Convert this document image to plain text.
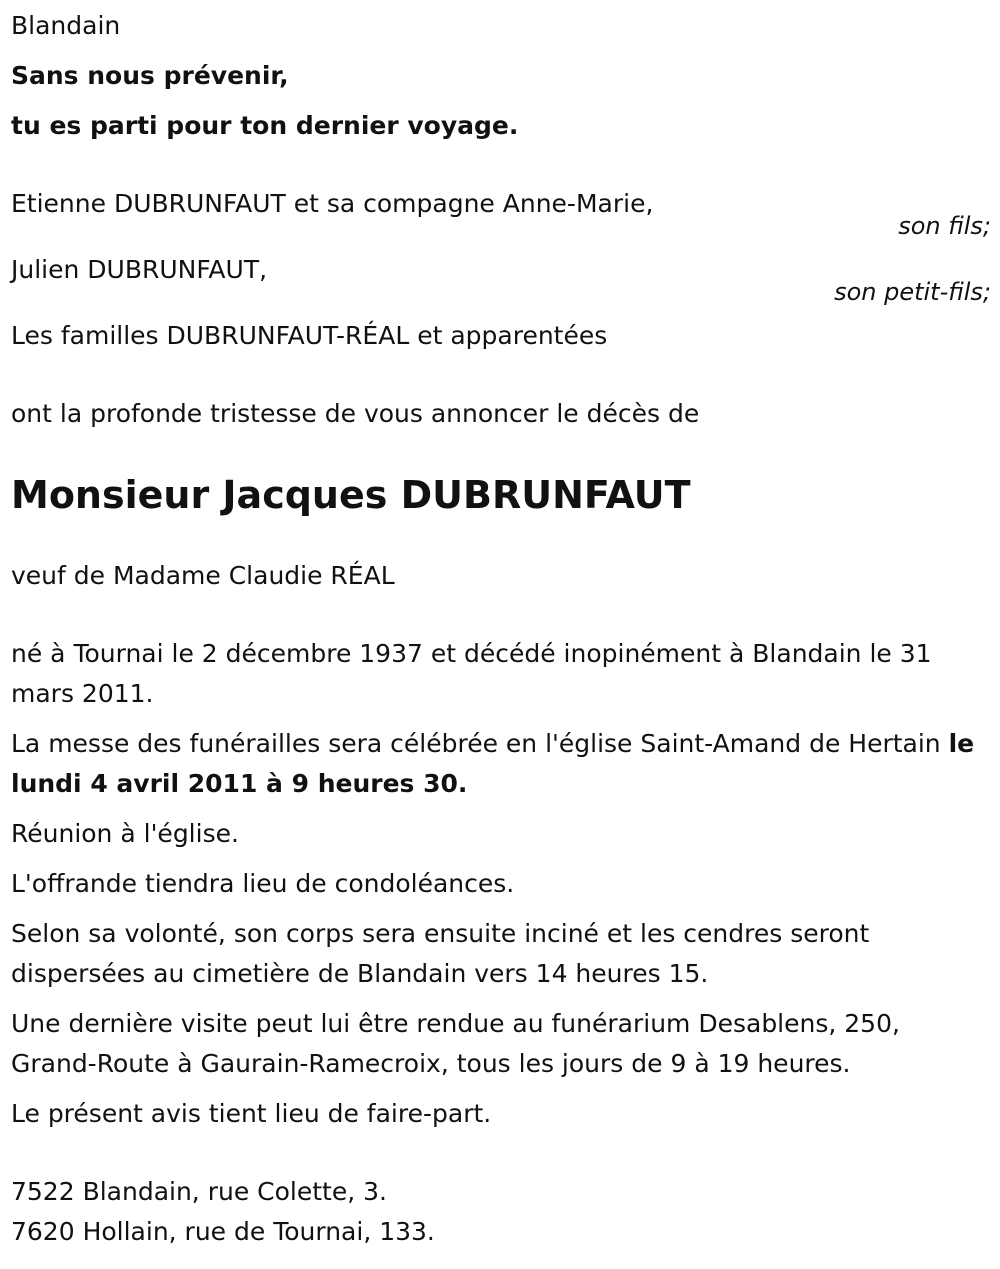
Blandain

Sans nous prévenir,

tu es parti pour ton dernier voyage.

Etienne DUBRUNFAUT et sa compagne Anne-Marie,

son fils;

Julien DUBRUNFAUT,

son petit-fils;

Les familles DUBRUNFAUT-RÉAL et apparentées

ont la profonde tristesse de vous annoncer le décès de

Monsieur Jacques DUBRUNFAUT

veuf de Madame Claudie RÉAL

né à Tournai le 2 décembre 1937 et décédé inopinément à Blandain le 31 mars 2011.

La messe des funérailles sera célébrée en l'église Saint-Amand de Hertain le lundi 4 avril 2011 à 9 heures 30.

Réunion à l'église.

L'offrande tiendra lieu de condoléances.

Selon sa volonté, son corps sera ensuite inciné et les cendres seront dispersées au cimetière de Blandain vers 14 heures 15.

Une dernière visite peut lui être rendue au funérarium Desablens, 250, Grand-Route à Gaurain-Ramecroix, tous les jours de 9 à 19 heures.

Le présent avis tient lieu de faire-part.

7522 Blandain, rue Colette, 3.

7620 Hollain, rue de Tournai, 133.
